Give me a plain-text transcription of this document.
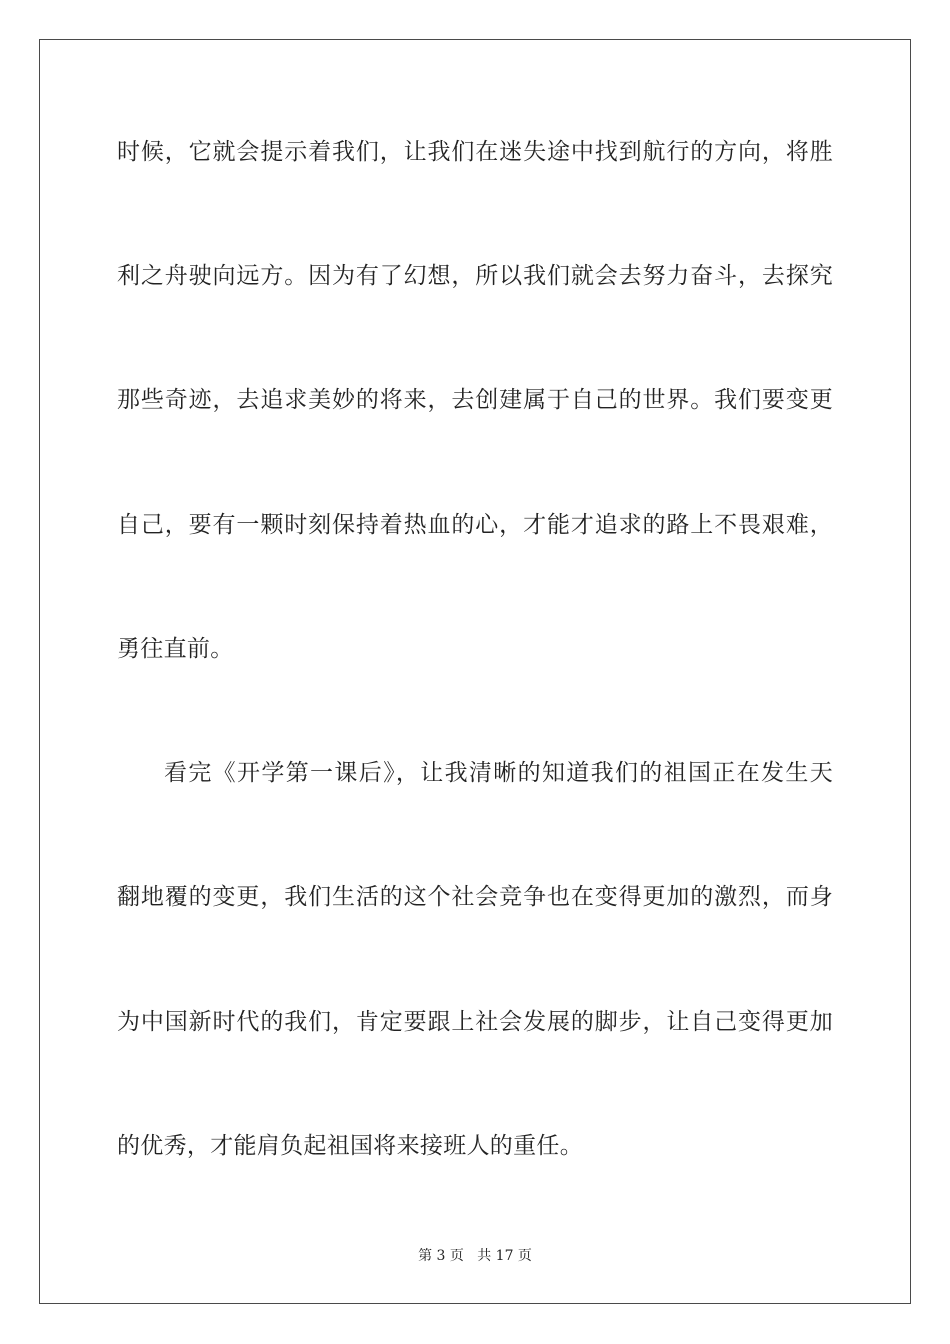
时候，它就会提示着我们，让我们在迷失途中找到航行的方向，将胜
利之舟驶向远方。因为有了幻想，所以我们就会去努力奋斗，去探究
那些奇迹，去追求美妙的将来，去创建属于自己的世界。我们要变更
自己，要有一颗时刻保持着热血的心，才能才追求的路上不畏艰难，
勇往直前。
看完《开学第一课后》，让我清晰的知道我们的祖国正在发生天
翻地覆的变更，我们生活的这个社会竞争也在变得更加的激烈，而身
为中国新时代的我们，肯定要跟上社会发展的脚步，让自己变得更加
的优秀，才能肩负起祖国将来接班人的重任。
第 3 页   共 17 页
